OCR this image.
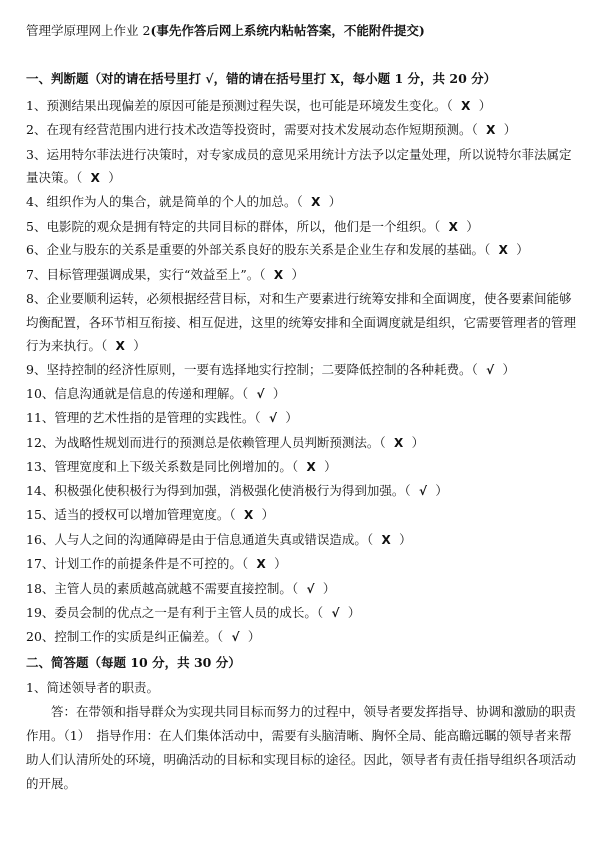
管理学原理网上作业 2(事先作答后网上系统内粘帖答案，不能附件提交)
一、判断题（对的请在括号里打 √，错的请在括号里打 X，每小题 1 分，共 20 分）
1、预测结果出现偏差的原因可能是预测过程失误，也可能是环境发生变化。（  X  ）
2、在现有经营范围内进行技术改造等投资时，需要对技术发展动态作短期预测。（  X  ）
3、运用特尔菲法进行决策时，对专家成员的意见采用统计方法予以定量处理，所以说特尔菲法属定量决策。（  X  ）
4、组织作为人的集合，就是简单的个人的加总。（  X  ）
5、电影院的观众是拥有特定的共同目标的群体，所以，他们是一个组织。（  X  ）
6、企业与股东的关系是重要的外部关系良好的股东关系是企业生存和发展的基础。（  X  ）
7、目标管理强调成果，实行“效益至上”。（  X  ）
8、企业要顺利运转，必须根据经营目标，对和生产要素进行统筹安排和全面调度，使各要素间能够均衡配置，各环节相互衔接、相互促进，这里的统筹安排和全面调度就是组织，它需要管理者的管理行为来执行。（  X  ）
9、坚持控制的经济性原则，一要有选择地实行控制；二要降低控制的各种耗费。（  √  ）
10、信息沟通就是信息的传递和理解。（  √  ）
11、管理的艺术性指的是管理的实践性。（  √  ）
12、为战略性规划而进行的预测总是依赖管理人员判断预测法。（  X  ）
13、管理宽度和上下级关系数是同比例增加的。（  X  ）
14、积极强化使积极行为得到加强，消极强化使消极行为得到加强。（  √  ）
15、适当的授权可以增加管理宽度。（  X  ）
16、人与人之间的沟通障碍是由于信息通道失真或错误造成。（  X  ）
17、计划工作的前提条件是不可控的。（  X  ）
18、主管人员的素质越高就越不需要直接控制。（  √  ）
19、委员会制的优点之一是有利于主管人员的成长。（  √  ）
20、控制工作的实质是纠正偏差。（  √  ）
二、简答题（每题 10 分，共 30 分）
1、简述领导者的职责。
答：在带领和指导群众为实现共同目标而努力的过程中，领导者要发挥指导、协调和激励的职责作用。（1）　指导作用：在人们集体活动中，需要有头脑清晰、胸怀全局、能高瞻远瞩的领导者来帮助人们认清所处的环境，明确活动的目标和实现目标的途径。因此，领导者有责任指导组织各项活动的开展。
